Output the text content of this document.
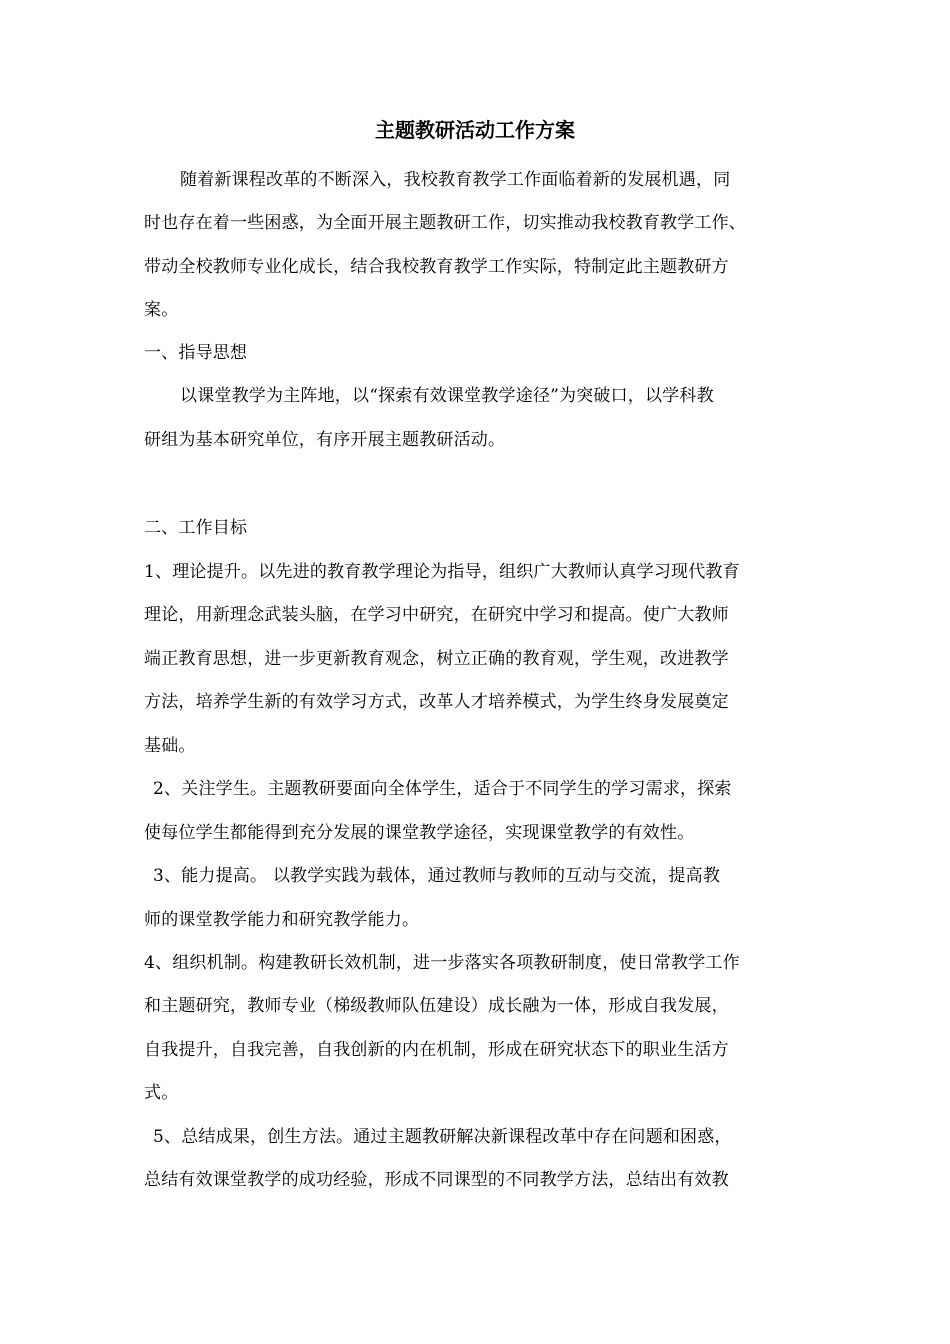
主题教研活动工作方案
随着新课程改革的不断深入，我校教育教学工作面临着新的发展机遇，同
时也存在着一些困惑，为全面开展主题教研工作，切实推动我校教育教学工作、
带动全校教师专业化成长，结合我校教育教学工作实际，特制定此主题教研方
案。
一、指导思想
以课堂教学为主阵地，以“探索有效课堂教学途径”为突破口，以学科教
研组为基本研究单位，有序开展主题教研活动。
二、工作目标
1、理论提升。以先进的教育教学理论为指导，组织广大教师认真学习现代教育
理论，用新理念武装头脑，在学习中研究，在研究中学习和提高。使广大教师
端正教育思想，进一步更新教育观念，树立正确的教育观，学生观，改进教学
方法，培养学生新的有效学习方式，改革人才培养模式，为学生终身发展奠定
基础。
2、关注学生。主题教研要面向全体学生，适合于不同学生的学习需求，探索
使每位学生都能得到充分发展的课堂教学途径，实现课堂教学的有效性。
3、能力提高。 以教学实践为载体，通过教师与教师的互动与交流，提高教
师的课堂教学能力和研究教学能力。
4、组织机制。构建教研长效机制，进一步落实各项教研制度，使日常教学工作
和主题研究，教师专业（梯级教师队伍建设）成长融为一体，形成自我发展，
自我提升，自我完善，自我创新的内在机制，形成在研究状态下的职业生活方
式。
5、总结成果，创生方法。通过主题教研解决新课程改革中存在问题和困惑，
总结有效课堂教学的成功经验，形成不同课型的不同教学方法，总结出有效教
